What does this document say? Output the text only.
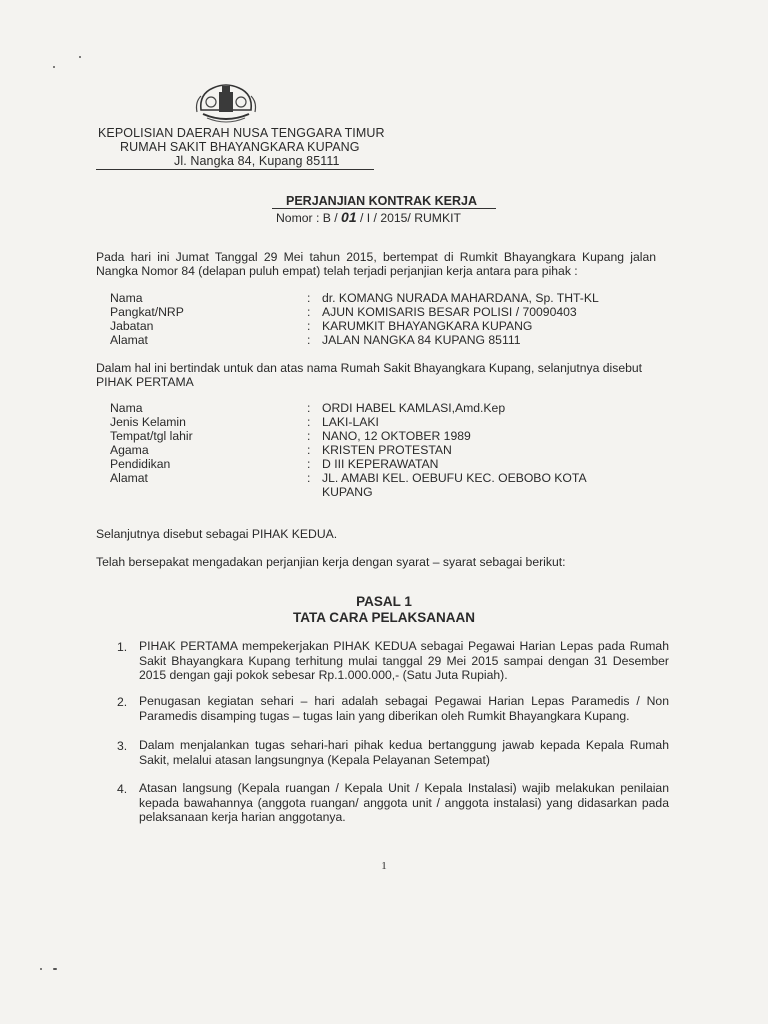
KEPOLISIAN DAERAH NUSA TENGGARA TIMUR
RUMAH SAKIT BHAYANGKARA KUPANG
Jl. Nangka 84, Kupang 85111
PERJANJIAN KONTRAK KERJA
Nomor : B / 01 / I / 2015/ RUMKIT
Pada hari ini Jumat Tanggal 29 Mei tahun 2015, bertempat di Rumkit Bhayangkara Kupang jalan Nangka Nomor 84 (delapan puluh empat) telah terjadi perjanjian kerja antara para pihak :
Nama	: dr. KOMANG NURADA MAHARDANA, Sp. THT-KL
Pangkat/NRP	: AJUN KOMISARIS BESAR POLISI / 70090403
Jabatan	: KARUMKIT BHAYANGKARA KUPANG
Alamat	: JALAN NANGKA 84 KUPANG 85111
Dalam hal ini bertindak untuk dan atas nama Rumah Sakit Bhayangkara Kupang, selanjutnya disebut PIHAK PERTAMA
Nama	: ORDI HABEL KAMLASI,Amd.Kep
Jenis Kelamin	: LAKI-LAKI
Tempat/tgl lahir	: NANO, 12 OKTOBER 1989
Agama	: KRISTEN PROTESTAN
Pendidikan	: D III KEPERAWATAN
Alamat	: JL. AMABI KEL. OEBUFU KEC. OEBOBO KOTA
KUPANG
Selanjutnya disebut sebagai PIHAK KEDUA.
Telah bersepakat mengadakan perjanjian kerja dengan syarat – syarat sebagai berikut:
PASAL 1
TATA CARA PELAKSANAAN
1. PIHAK PERTAMA mempekerjakan PIHAK KEDUA sebagai Pegawai Harian Lepas pada Rumah Sakit Bhayangkara Kupang terhitung mulai tanggal 29 Mei 2015 sampai dengan 31 Desember 2015 dengan gaji pokok sebesar Rp.1.000.000,- (Satu Juta Rupiah).
2. Penugasan kegiatan sehari – hari adalah sebagai Pegawai Harian Lepas Paramedis / Non Paramedis disamping tugas – tugas lain yang diberikan oleh Rumkit Bhayangkara Kupang.
3. Dalam menjalankan tugas sehari-hari pihak kedua bertanggung jawab kepada Kepala Rumah Sakit, melalui atasan langsungnya (Kepala Pelayanan Setempat)
4. Atasan langsung (Kepala ruangan / Kepala Unit / Kepala Instalasi) wajib melakukan penilaian kepada bawahannya (anggota ruangan/ anggota unit / anggota instalasi) yang didasarkan pada pelaksanaan kerja harian anggotanya.
1
